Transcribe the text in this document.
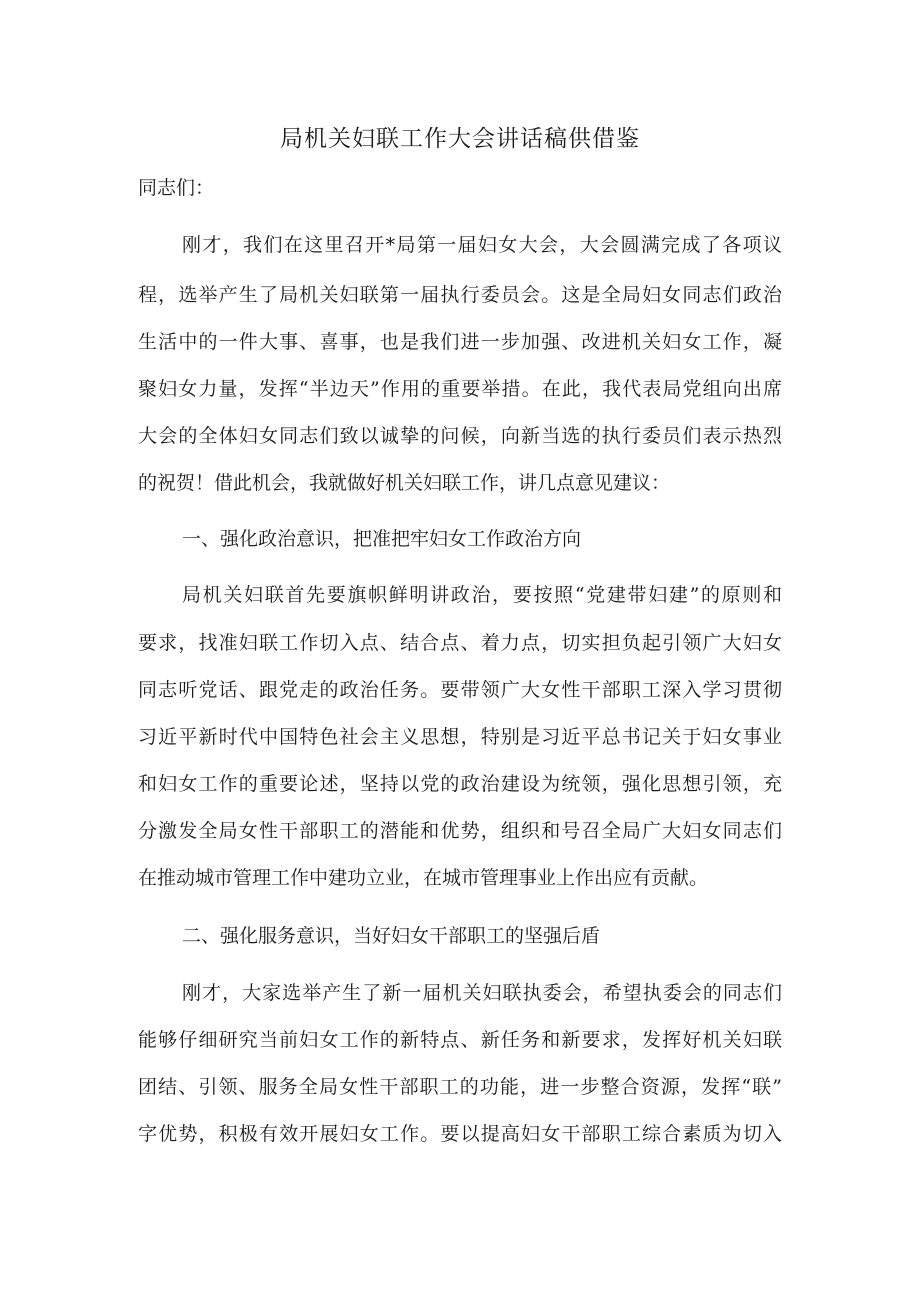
局机关妇联工作大会讲话稿供借鉴
同志们：
刚才，我们在这里召开*局第一届妇女大会，大会圆满完成了各项议
程，选举产生了局机关妇联第一届执行委员会。这是全局妇女同志们政治
生活中的一件大事、喜事，也是我们进一步加强、改进机关妇女工作，凝
聚妇女力量，发挥“半边天”作用的重要举措。在此，我代表局党组向出席
大会的全体妇女同志们致以诚挚的问候，向新当选的执行委员们表示热烈
的祝贺！借此机会，我就做好机关妇联工作，讲几点意见建议：
一、强化政治意识，把准把牢妇女工作政治方向
局机关妇联首先要旗帜鲜明讲政治，要按照“党建带妇建”的原则和
要求，找准妇联工作切入点、结合点、着力点，切实担负起引领广大妇女
同志听党话、跟党走的政治任务。要带领广大女性干部职工深入学习贯彻
习近平新时代中国特色社会主义思想，特别是习近平总书记关于妇女事业
和妇女工作的重要论述，坚持以党的政治建设为统领，强化思想引领，充
分激发全局女性干部职工的潜能和优势，组织和号召全局广大妇女同志们
在推动城市管理工作中建功立业，在城市管理事业上作出应有贡献。
二、强化服务意识，当好妇女干部职工的坚强后盾
刚才，大家选举产生了新一届机关妇联执委会，希望执委会的同志们
能够仔细研究当前妇女工作的新特点、新任务和新要求，发挥好机关妇联
团结、引领、服务全局女性干部职工的功能，进一步整合资源，发挥“联”
字优势，积极有效开展妇女工作。要以提高妇女干部职工综合素质为切入
